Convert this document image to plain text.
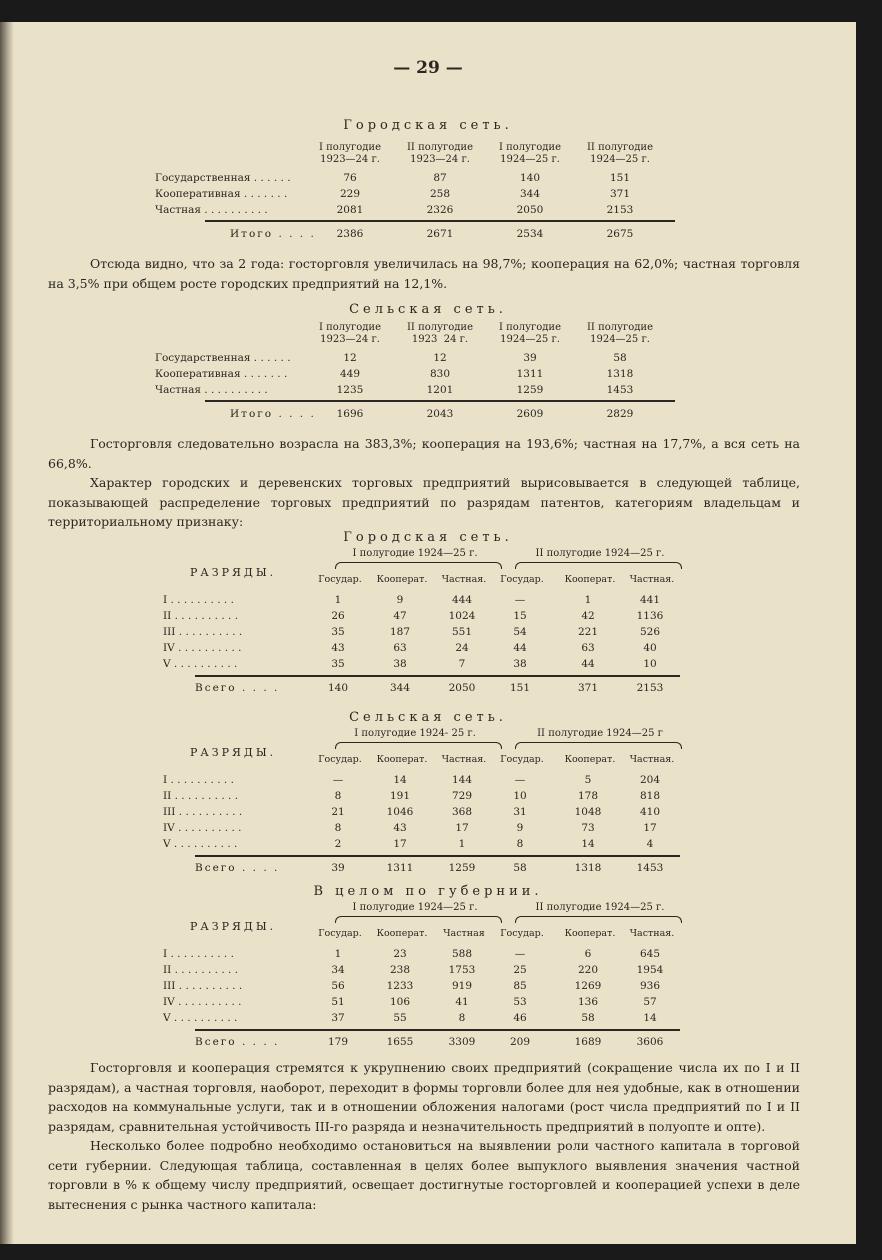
— 29 —
Городская сеть.
I полугодие
1923—24 г.
II полугодие
1923—24 г.
I полугодие
1924—25 г.
II полугодие
1924—25 г.
Государственная . . . . . .	76	87	140	151
Кооперативная . . . . . . .	229	258	344	371
Частная . . . . . . . . . .	2081	2326	2050	2153
Итого . . . .	2386	2671	2534	2675
Отсюда видно, что за 2 года: госторговля увеличилась на 98,7%; кооперация на 62,0%; частная торговля на 3,5% при общем росте городских предприятий на 12,1%.
Сельская сеть.
I полугодие
1923—24 г.
II полугодие
1923  24 г.
I полугодие
1924—25 г.
II полугодие
1924—25 г.
Государственная . . . . . .	12	12	39	58
Кооперативная . . . . . . .	449	830	1311	1318
Частная . . . . . . . . . .	1235	1201	1259	1453
Итого . . . .	1696	2043	2609	2829
Госторговля следовательно возрасла на 383,3%; кооперация на 193,6%; частная на 17,7%, а вся сеть на 66,8%.
Характер городских и деревенских торговых предприятий вырисовывается в следующей таблице, показывающей распределение торговых предприятий по разрядам патентов, категориям владельцам и территориальному признаку:
Городская сеть.
РАЗРЯДЫ.
I полугодие 1924—25 г.	II полугодие 1924—25 г.
Государ.	Кооперат.	Частная.	Государ.	Кооперат.	Частная.
I . . . . . . . . . .	1	9	444	—	1	441
II . . . . . . . . . .	26	47	1024	15	42	1136
III . . . . . . . . . .	35	187	551	54	221	526
IV . . . . . . . . . .	43	63	24	44	63	40
V . . . . . . . . . .	35	38	7	38	44	10
Всего . . . .	140	344	2050	151	371	2153
Сельская сеть.
РАЗРЯДЫ.
I полугодие 1924- 25 г.	II полугодие 1924—25 г
Государ.	Кооперат.	Частная.	Государ.	Кооперат.	Частная.
I . . . . . . . . . .	—	14	144	—	5	204
II . . . . . . . . . .	8	191	729	10	178	818
III . . . . . . . . . .	21	1046	368	31	1048	410
IV . . . . . . . . . .	8	43	17	9	73	17
V . . . . . . . . . .	2	17	1	8	14	4
Всего . . . .	39	1311	1259	58	1318	1453
В целом по губернии.
РАЗРЯДЫ.
I полугодие 1924—25 г.	II полугодие 1924—25 г.
Государ.	Кооперат.	Частная	Государ.	Кооперат.	Частная.
I . . . . . . . . . .	1	23	588	—	6	645
II . . . . . . . . . .	34	238	1753	25	220	1954
III . . . . . . . . . .	56	1233	919	85	1269	936
IV . . . . . . . . . .	51	106	41	53	136	57
V . . . . . . . . . .	37	55	8	46	58	14
Всего . . . .	179	1655	3309	209	1689	3606
Госторговля и кооперация стремятся к укрупнению своих предприятий (сокращение числа их по I и II разрядам), а частная торговля, наоборот, переходит в формы торговли более для нея удобные, как в отношении расходов на коммунальные услуги, так и в отношении обложения налогами (рост числа предприятий по I и II разрядам, сравнительная устойчивость III-го разряда и незначительность предприятий в полуопте и опте).
Несколько более подробно необходимо остановиться на выявлении роли частного капитала в торговой сети губернии. Следующая таблица, составленная в целях более выпуклого выявления значения частной торговли в % к общему числу предприятий, освещает достигнутые госторговлей и кооперацией успехи в деле вытеснения с рынка частного капитала:
